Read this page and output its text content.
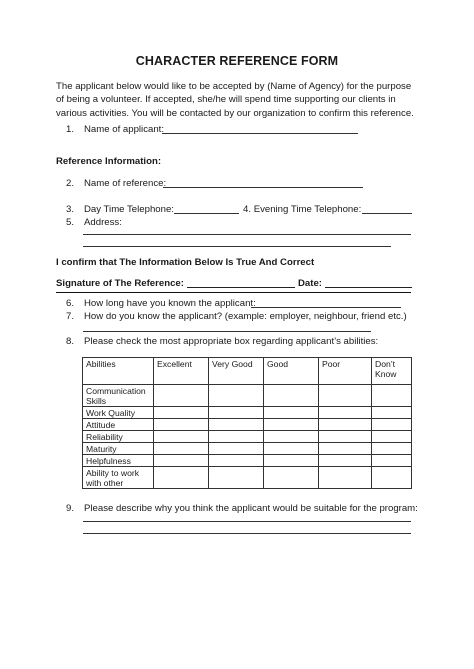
CHARACTER REFERENCE FORM
The applicant below would like to be accepted by (Name of Agency) for the purpose of being a volunteer. If accepted, she/he will spend time supporting our clients in various activities. You will be contacted by our organization to confirm this reference.
1. Name of applicant:
Reference Information:
2. Name of reference:
3. Day Time Telephone:	4. Evening Time Telephone:
5. Address:
I confirm that The Information Below Is True And Correct
Signature of The Reference:	Date:
6. How long have you known the applicant:
7. How do you know the applicant? (example: employer, neighbour, friend etc.)
8. Please check the most appropriate box regarding applicant’s abilities:
Abilities	Excellent	Very Good	Good	Poor	Don’t Know
Communication Skills					
Work Quality					
Attitude					
Reliability					
Maturity					
Helpfulness					
Ability to work with other					
9. Please describe why you think the applicant would be suitable for the program:
